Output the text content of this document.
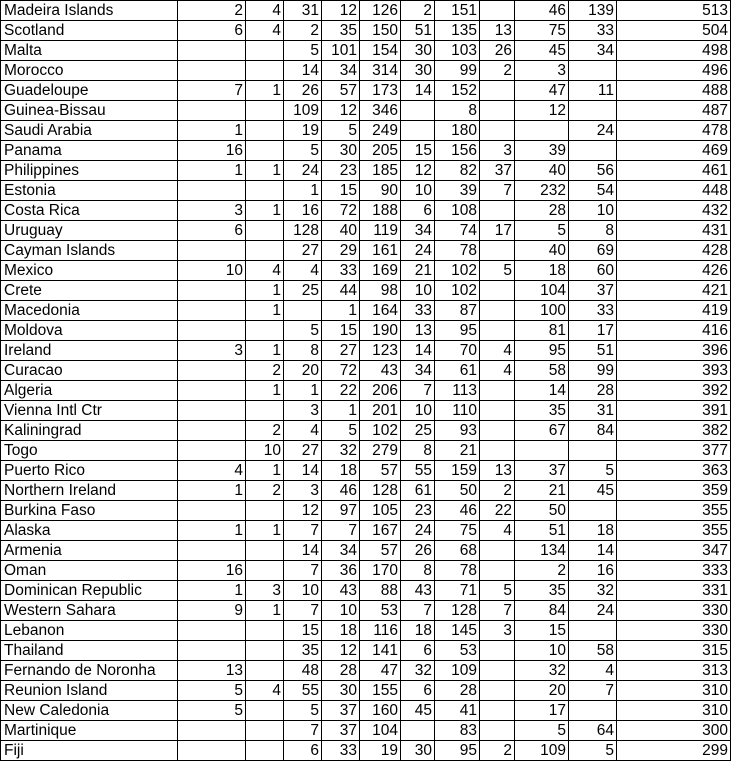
Madeira Islands	2	4	31	12	126	2	151		46	139	513
Scotland	6	4	2	35	150	51	135	13	75	33	504
Malta			5	101	154	30	103	26	45	34	498
Morocco			14	34	314	30	99	2	3		496
Guadeloupe	7	1	26	57	173	14	152		47	11	488
Guinea-Bissau			109	12	346		8		12		487
Saudi Arabia	1		19	5	249		180			24	478
Panama	16		5	30	205	15	156	3	39		469
Philippines	1	1	24	23	185	12	82	37	40	56	461
Estonia			1	15	90	10	39	7	232	54	448
Costa Rica	3	1	16	72	188	6	108		28	10	432
Uruguay	6		128	40	119	34	74	17	5	8	431
Cayman Islands			27	29	161	24	78		40	69	428
Mexico	10	4	4	33	169	21	102	5	18	60	426
Crete		1	25	44	98	10	102		104	37	421
Macedonia		1		1	164	33	87		100	33	419
Moldova			5	15	190	13	95		81	17	416
Ireland	3	1	8	27	123	14	70	4	95	51	396
Curacao		2	20	72	43	34	61	4	58	99	393
Algeria		1	1	22	206	7	113		14	28	392
Vienna Intl Ctr			3	1	201	10	110		35	31	391
Kaliningrad		2	4	5	102	25	93		67	84	382
Togo		10	27	32	279	8	21				377
Puerto Rico	4	1	14	18	57	55	159	13	37	5	363
Northern Ireland	1	2	3	46	128	61	50	2	21	45	359
Burkina Faso			12	97	105	23	46	22	50		355
Alaska	1	1	7	7	167	24	75	4	51	18	355
Armenia			14	34	57	26	68		134	14	347
Oman	16		7	36	170	8	78		2	16	333
Dominican Republic	1	3	10	43	88	43	71	5	35	32	331
Western Sahara	9	1	7	10	53	7	128	7	84	24	330
Lebanon			15	18	116	18	145	3	15		330
Thailand			35	12	141	6	53		10	58	315
Fernando de Noronha	13		48	28	47	32	109		32	4	313
Reunion Island	5	4	55	30	155	6	28		20	7	310
New Caledonia	5		5	37	160	45	41		17		310
Martinique			7	37	104		83		5	64	300
Fiji			6	33	19	30	95	2	109	5	299
